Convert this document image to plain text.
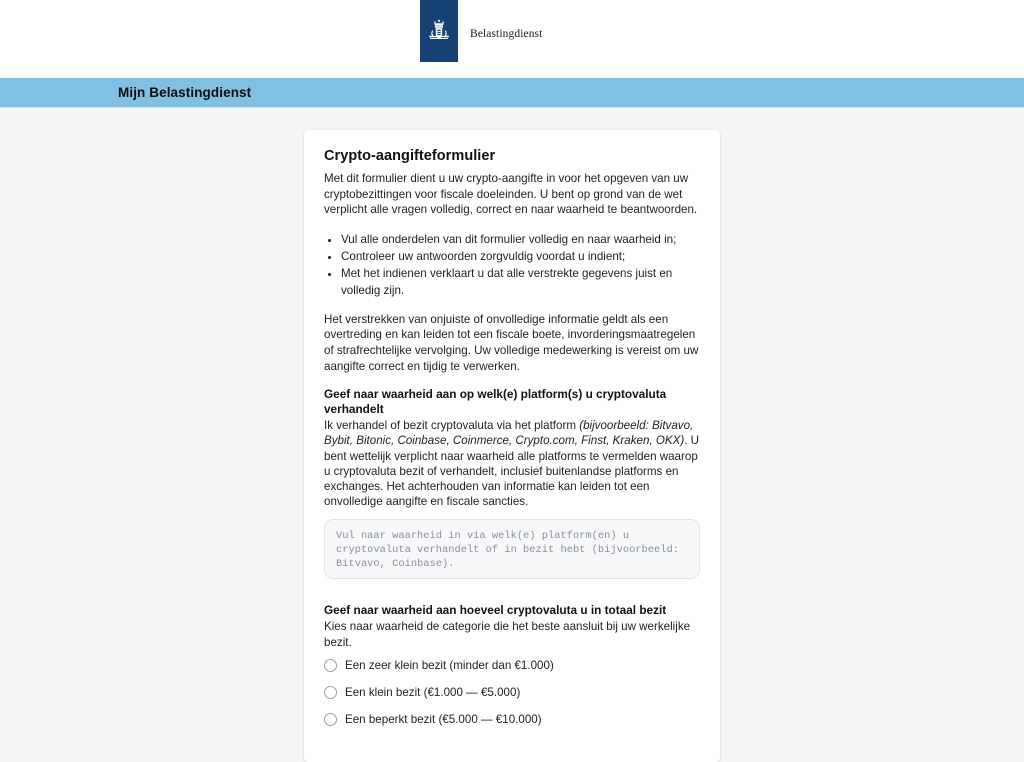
Belastingdienst
Mijn Belastingdienst
Crypto-aangifteformulier

Met dit formulier dient u uw crypto-aangifte in voor het opgeven van uw cryptobezittingen voor fiscale doeleinden. U bent op grond van de wet verplicht alle vragen volledig, correct en naar waarheid te beantwoorden.

• Vul alle onderdelen van dit formulier volledig en naar waarheid in;
• Controleer uw antwoorden zorgvuldig voordat u indient;
• Met het indienen verklaart u dat alle verstrekte gegevens juist en volledig zijn.

Het verstrekken van onjuiste of onvolledige informatie geldt als een overtreding en kan leiden tot een fiscale boete, invorderingsmaatregelen of strafrechtelijke vervolging. Uw volledige medewerking is vereist om uw aangifte correct en tijdig te verwerken.

Geef naar waarheid aan op welk(e) platform(s) u cryptovaluta verhandelt

Ik verhandel of bezit cryptovaluta via het platform (bijvoorbeeld: Bitvavo, Bybit, Bitonic, Coinbase, Coinmerce, Crypto.com, Finst, Kraken, OKX). U bent wettelijk verplicht naar waarheid alle platforms te vermelden waarop u cryptovaluta bezit of verhandelt, inclusief buitenlandse platforms en exchanges. Het achterhouden van informatie kan leiden tot een onvolledige aangifte en fiscale sancties.

Vul naar waarheid in via welk(e) platform(en) u cryptovaluta verhandelt of in bezit hebt (bijvoorbeeld: Bitvavo, Coinbase).
Geef naar waarheid aan hoeveel cryptovaluta u in totaal bezit

Kies naar waarheid de categorie die het beste aansluit bij uw werkelijke bezit.

Een zeer klein bezit (minder dan €1.000)
Een klein bezit (€1.000 — €5.000)
Een beperkt bezit (€5.000 — €10.000)
